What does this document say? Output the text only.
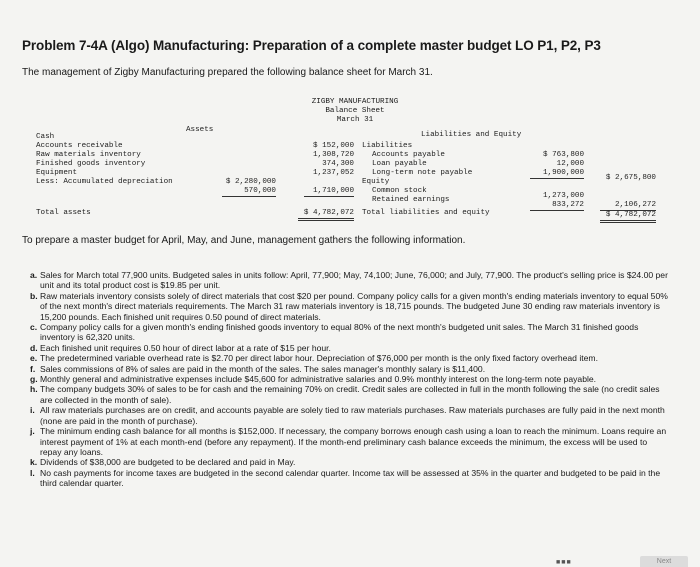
Problem 7-4A (Algo) Manufacturing: Preparation of a complete master budget LO P1, P2, P3
The management of Zigby Manufacturing prepared the following balance sheet for March 31.
ZIGBY MANUFACTURING
Balance Sheet
March 31
Assets
Liabilities and Equity
Cash
Accounts receivable
Raw materials inventory
Finished goods inventory
Equipment
Less: Accumulated depreciation
Total assets
$ 2,280,000
570,000
$ 152,000
1,308,720
374,300
1,237,052
1,710,000
$ 4,782,072
Liabilities
Accounts payable
Loan payable
Long-term note payable
Equity
Common stock
Retained earnings
Total liabilities and equity
$ 763,800
12,000
1,900,000
$ 2,675,800
1,273,000
833,272	2,106,272
$ 4,782,072
To prepare a master budget for April, May, and June, management gathers the following information.
a. Sales for March total 77,900 units. Budgeted sales in units follow: April, 77,900; May, 74,100; June, 76,000; and July, 77,900. The product's selling price is $24.00 per unit and its total product cost is $19.85 per unit.
b. Raw materials inventory consists solely of direct materials that cost $20 per pound. Company policy calls for a given month's ending materials inventory to equal 50% of the next month's direct materials requirements. The March 31 raw materials inventory is 18,715 pounds. The budgeted June 30 ending raw materials inventory is 15,200 pounds. Each finished unit requires 0.50 pound of direct materials.
c. Company policy calls for a given month's ending finished goods inventory to equal 80% of the next month's budgeted unit sales. The March 31 finished goods inventory is 62,320 units.
d. Each finished unit requires 0.50 hour of direct labor at a rate of $15 per hour.
e. The predetermined variable overhead rate is $2.70 per direct labor hour. Depreciation of $76,000 per month is the only fixed factory overhead item.
f. Sales commissions of 8% of sales are paid in the month of the sales. The sales manager's monthly salary is $11,400.
g. Monthly general and administrative expenses include $45,600 for administrative salaries and 0.9% monthly interest on the long-term note payable.
h. The company budgets 30% of sales to be for cash and the remaining 70% on credit. Credit sales are collected in full in the month following the sale (no credit sales are collected in the month of sale).
i. All raw materials purchases are on credit, and accounts payable are solely tied to raw materials purchases. Raw materials purchases are fully paid in the next month (none are paid in the month of purchase).
j. The minimum ending cash balance for all months is $152,000. If necessary, the company borrows enough cash using a loan to reach the minimum. Loans require an interest payment of 1% at each month-end (before any repayment). If the month-end preliminary cash balance exceeds the minimum, the excess will be used to repay any loans.
k. Dividends of $38,000 are budgeted to be declared and paid in May.
l. No cash payments for income taxes are budgeted in the second calendar quarter. Income tax will be assessed at 35% in the quarter and budgeted to be paid in the third calendar quarter.
■■■	Next
